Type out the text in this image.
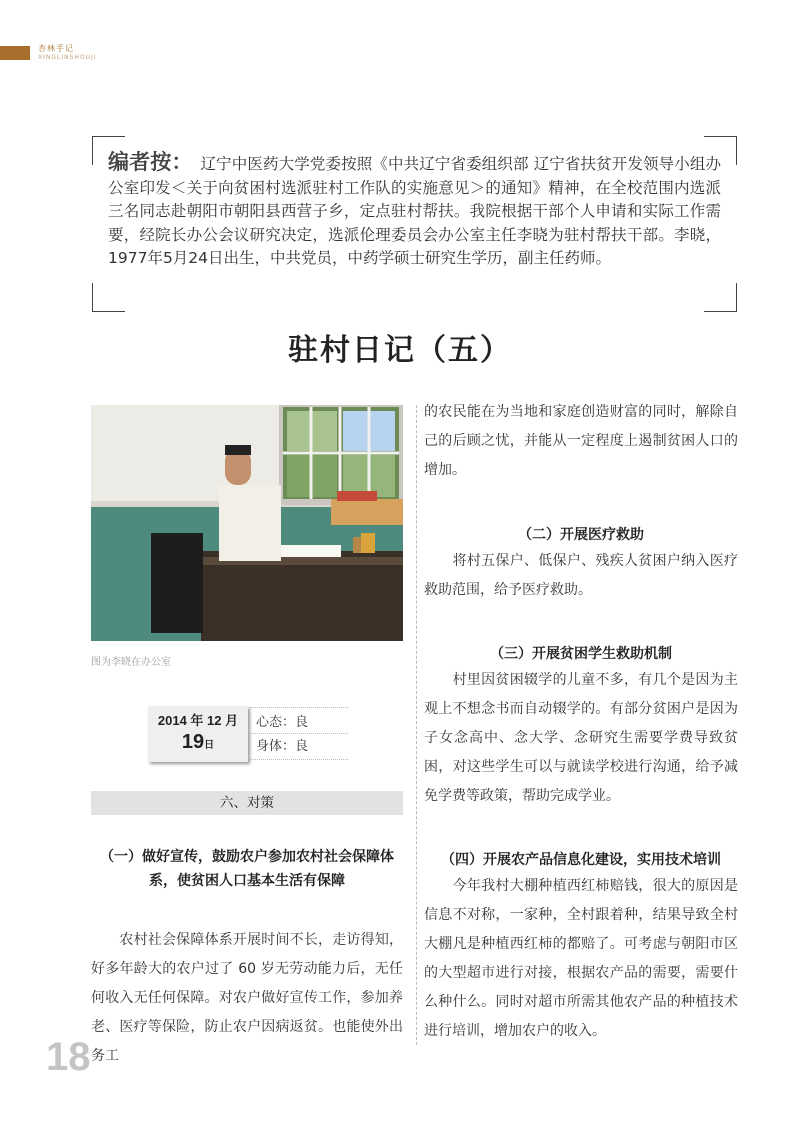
杏林手记
XINGLINSHOUJI
编者按： 辽宁中医药大学党委按照《中共辽宁省委组织部 辽宁省扶贫开发领导小组办公室印发＜关于向贫困村选派驻村工作队的实施意见＞的通知》精神，在全校范围内选派三名同志赴朝阳市朝阳县西营子乡，定点驻村帮扶。我院根据干部个人申请和实际工作需要，经院长办公会议研究决定，选派伦理委员会办公室主任李晓为驻村帮扶干部。李晓，1977年5月24日出生，中共党员，中药学硕士研究生学历，副主任药师。
驻村日记（五）
图为李晓在办公室
2014 年 12 月
19日
心态：良
身体：良
六、对策
（一）做好宣传，鼓励农户参加农村社会保障体系，使贫困人口基本生活有保障

　　农村社会保障体系开展时间不长，走访得知，好多年龄大的农户过了 60 岁无劳动能力后，无任何收入无任何保障。对农户做好宣传工作，参加养老、医疗等保险，防止农户因病返贫。也能使外出务工

的农民能在为当地和家庭创造财富的同时，解除自己的后顾之忧，并能从一定程度上遏制贫困人口的增加。

（二）开展医疗救助

　　将村五保户、低保户、残疾人贫困户纳入医疗救助范围，给予医疗救助。

（三）开展贫困学生救助机制

　　村里因贫困辍学的儿童不多，有几个是因为主观上不想念书而自动辍学的。有部分贫困户是因为子女念高中、念大学、念研究生需要学费导致贫困，对这些学生可以与就读学校进行沟通，给予减免学费等政策，帮助完成学业。

（四）开展农产品信息化建设，实用技术培训

　　今年我村大棚种植西红柿赔钱，很大的原因是信息不对称，一家种，全村跟着种，结果导致全村大棚凡是种植西红柿的都赔了。可考虑与朝阳市区的大型超市进行对接，根据农产品的需要，需要什么种什么。同时对超市所需其他农产品的种植技术进行培训，增加农户的收入。

18
